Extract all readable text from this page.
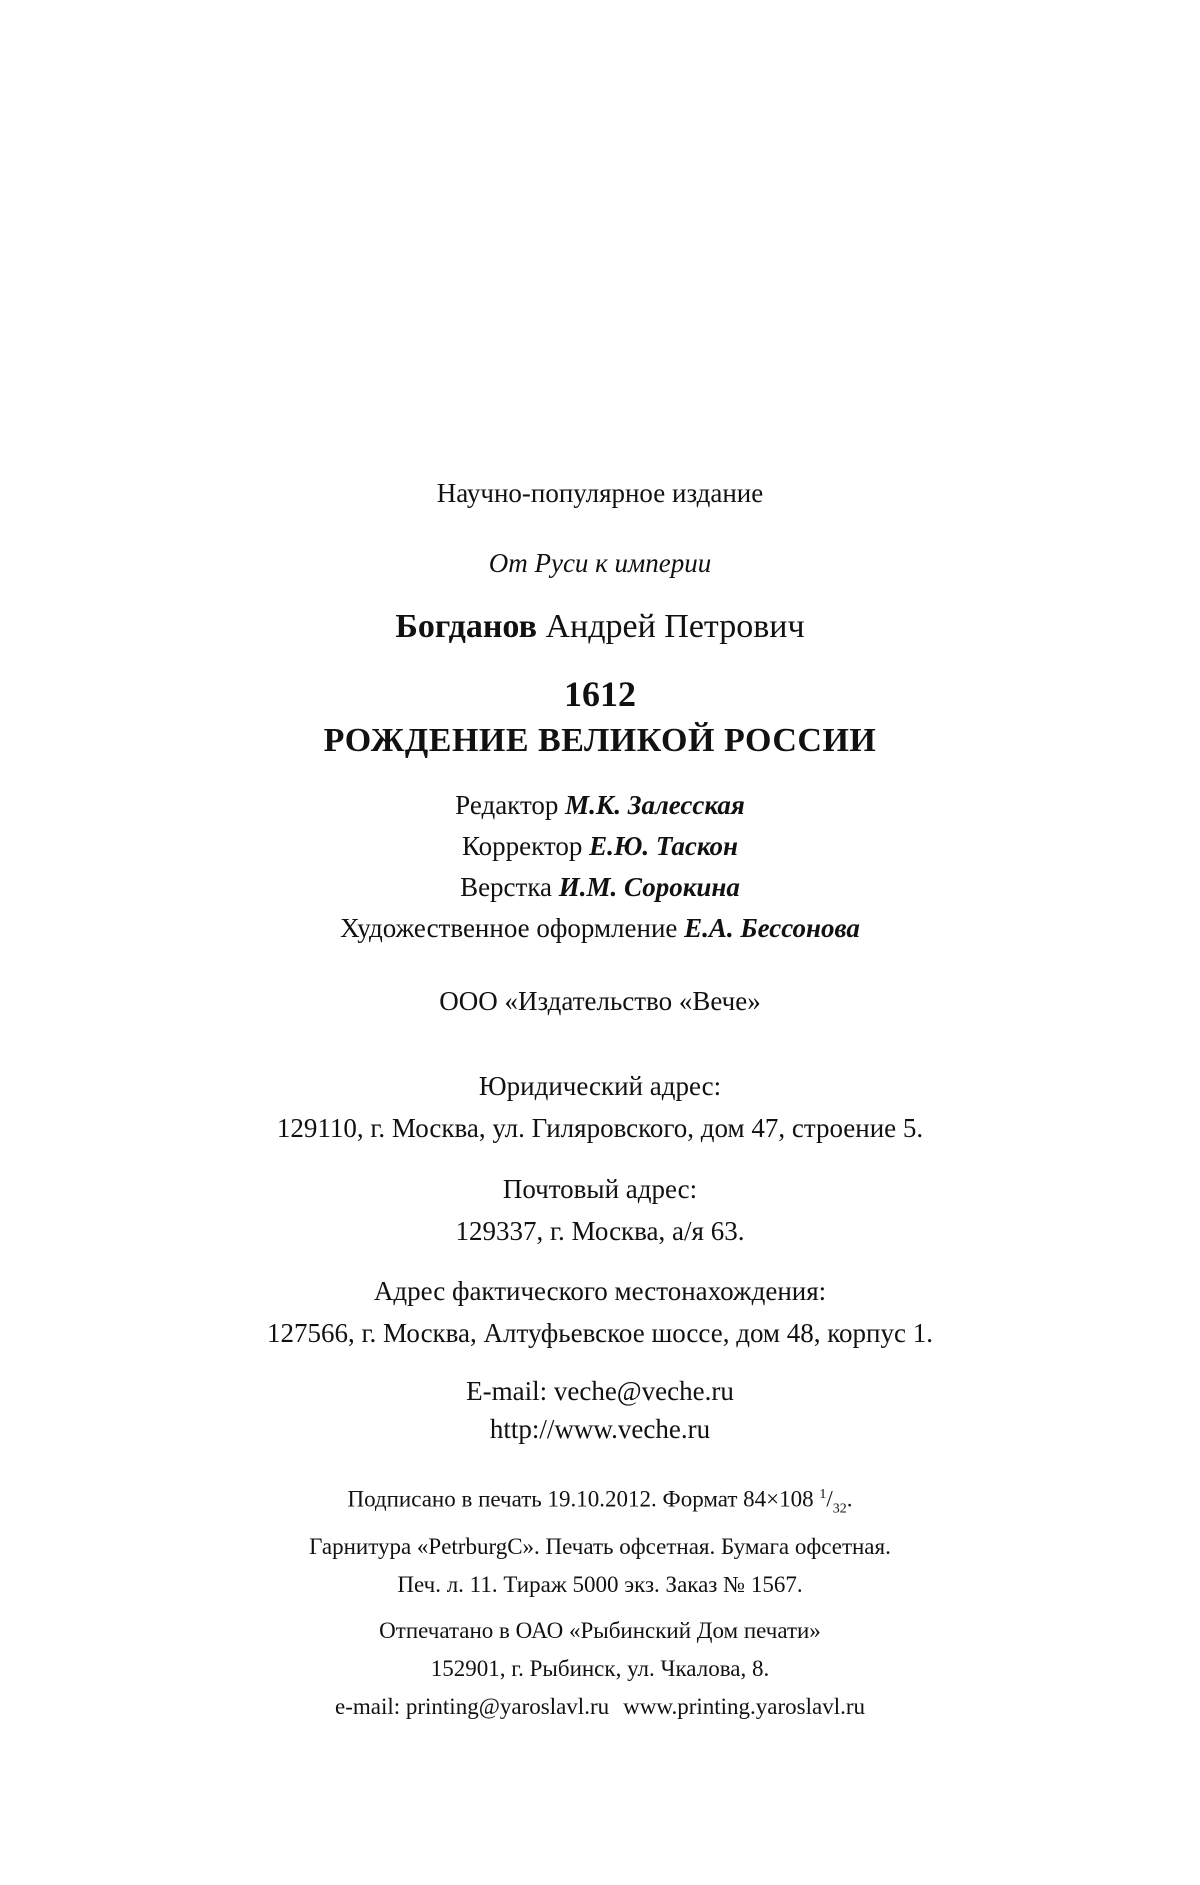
Научно-популярное издание
От Руси к империи
Богданов Андрей Петрович
1612
РОЖДЕНИЕ ВЕЛИКОЙ РОССИИ
Редактор М.К. Залесская
Корректор Е.Ю. Таскон
Верстка И.М. Сорокина
Художественное оформление Е.А. Бессонова
ООО «Издательство «Вече»
Юридический адрес:
129110, г. Москва, ул. Гиляровского, дом 47, строение 5.
Почтовый адрес:
129337, г. Москва, а/я 63.
Адрес фактического местонахождения:
127566, г. Москва, Алтуфьевское шоссе, дом 48, корпус 1.
E-mail: veche@veche.ru
http://www.veche.ru
Подписано в печать 19.10.2012. Формат 84×108 $^1/_{32}$.
Гарнитура «PetrburgC». Печать офсетная. Бумага офсетная.
Печ. л. 11. Тираж 5000 экз. Заказ № 1567.
Отпечатано в ОАО «Рыбинский Дом печати»
152901, г. Рыбинск, ул. Чкалова, 8.
e-mail: printing@yaroslavl.ru www.printing.yaroslavl.ru
